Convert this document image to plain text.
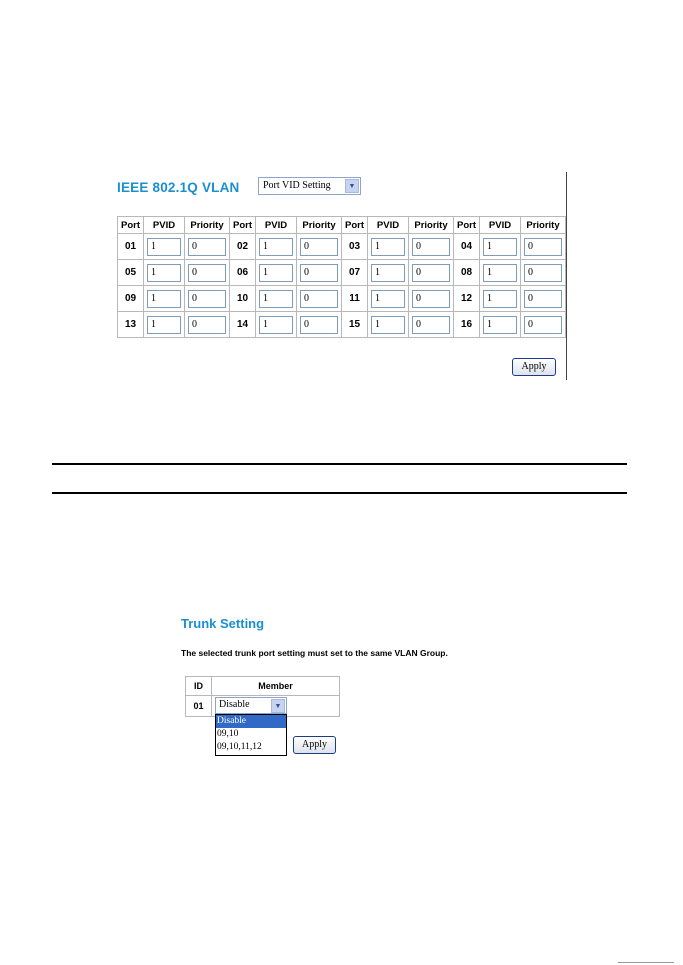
IEEE 802.1Q VLAN Port VID Setting	▼
Port	PVID	Priority	Port	PVID	Priority	Port	PVID	Priority	Port	PVID	Priority
01	1	0	02	1	0	03	1	0	04	1	0
05	1	0	06	1	0	07	1	0	08	1	0
09	1	0	10	1	0	11	1	0	12	1	0
13	1	0	14	1	0	15	1	0	16	1	0
Apply
Trunk Setting
The selected trunk port setting must set to the same VLAN Group.
ID	Member
01	Disable	▼
Disable
09,10
09,10,11,12	Apply
